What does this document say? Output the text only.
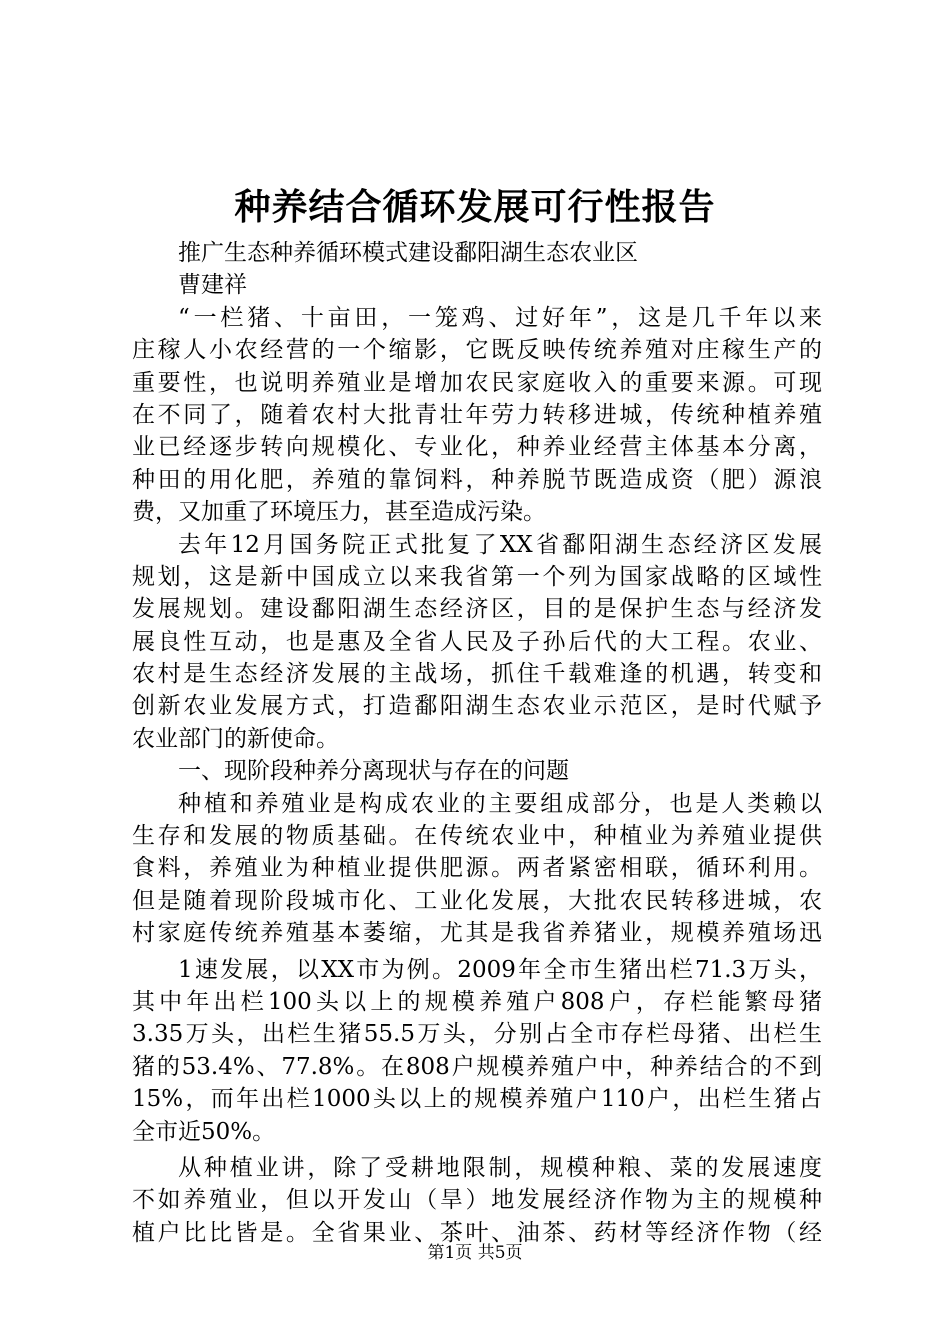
种养结合循环发展可行性报告
推广生态种养循环模式建设鄱阳湖生态农业区
曹建祥
“一栏猪、十亩田，一笼鸡、过好年”，这是几千年以来
庄稼人小农经营的一个缩影，它既反映传统养殖对庄稼生产的
重要性，也说明养殖业是增加农民家庭收入的重要来源。可现
在不同了，随着农村大批青壮年劳力转移进城，传统种植养殖
业已经逐步转向规模化、专业化，种养业经营主体基本分离，
种田的用化肥，养殖的靠饲料，种养脱节既造成资（肥）源浪
费，又加重了环境压力，甚至造成污染。
去年12月国务院正式批复了XX省鄱阳湖生态经济区发展
规划，这是新中国成立以来我省第一个列为国家战略的区域性
发展规划。建设鄱阳湖生态经济区，目的是保护生态与经济发
展良性互动，也是惠及全省人民及子孙后代的大工程。农业、
农村是生态经济发展的主战场，抓住千载难逢的机遇，转变和
创新农业发展方式，打造鄱阳湖生态农业示范区，是时代赋予
农业部门的新使命。
一、现阶段种养分离现状与存在的问题
种植和养殖业是构成农业的主要组成部分，也是人类赖以
生存和发展的物质基础。在传统农业中，种植业为养殖业提供
食料，养殖业为种植业提供肥源。两者紧密相联，循环利用。
但是随着现阶段城市化、工业化发展，大批农民转移进城，农
村家庭传统养殖基本萎缩，尤其是我省养猪业，规模养殖场迅
1速发展，以XX市为例。2009年全市生猪出栏71.3万头，
其中年出栏100头以上的规模养殖户808户，存栏能繁母猪
3.35万头，出栏生猪55.5万头，分别占全市存栏母猪、出栏生
猪的53.4%、77.8%。在808户规模养殖户中，种养结合的不到
15%，而年出栏1000头以上的规模养殖户110户，出栏生猪占
全市近50%。
从种植业讲，除了受耕地限制，规模种粮、菜的发展速度
不如养殖业，但以开发山（旱）地发展经济作物为主的规模种
植户比比皆是。全省果业、茶叶、油茶、药材等经济作物（经
第1页 共5页
